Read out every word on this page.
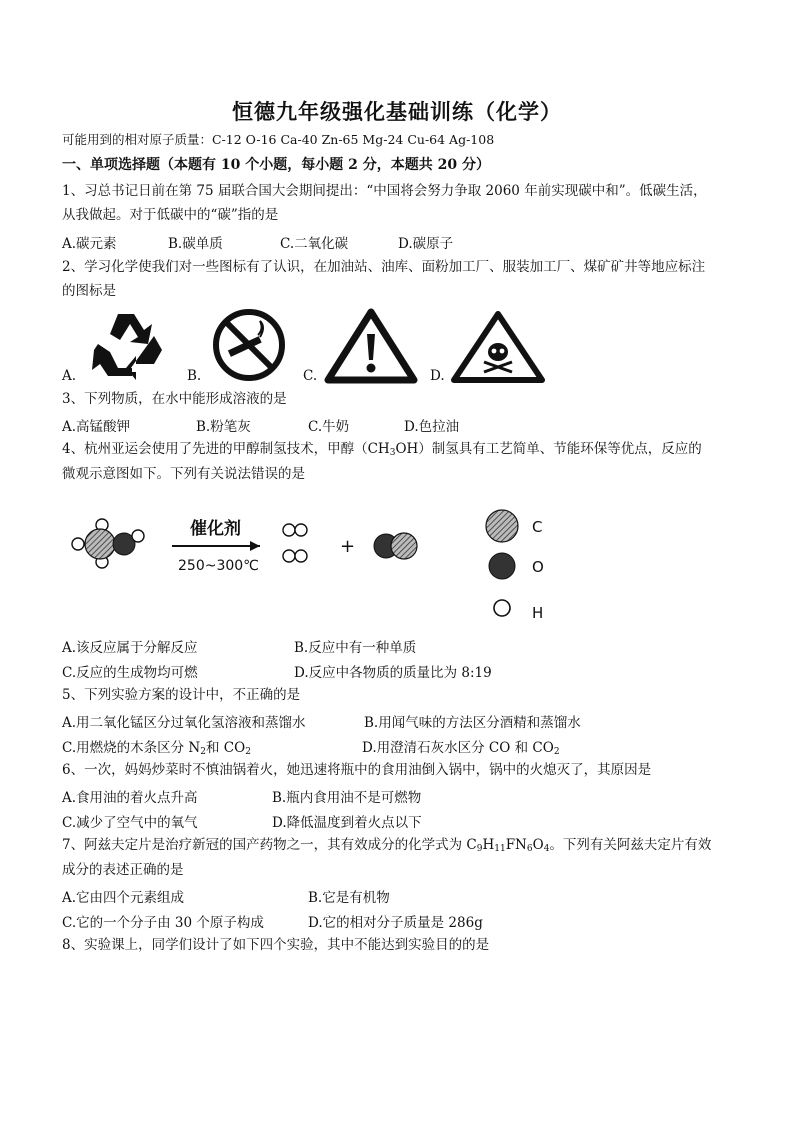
恒德九年级强化基础训练（化学）
可能用到的相对原子质量：C-12 O-16 Ca-40 Zn-65 Mg-24 Cu-64 Ag-108
一、单项选择题（本题有 10 个小题，每小题 2 分，本题共 20 分）
1、习总书记日前在第 75 届联合国大会期间提出：“中国将会努力争取 2060 年前实现碳中和”。低碳生活，
从我做起。对于低碳中的“碳”指的是
A.碳元素	B.碳单质	C.二氧化碳	D.碳原子
2、学习化学使我们对一些图标有了认识，在加油站、油库、面粉加工厂、服装加工厂、煤矿矿井等地应标注
的图标是
A.	B.	C.	D.
3、下列物质，在水中能形成溶液的是
A.高锰酸钾	B.粉笔灰	C.牛奶	D.色拉油
4、杭州亚运会使用了先进的甲醇制氢技术，甲醇$(CH_3OH)$制氢具有工艺简单、节能环保等优点，反应的
微观示意图如下。下列有关说法错误的是
催化剂
250~300℃
+
C
O
H
A.该反应属于分解反应	B.反应中有一种单质
C.反应的生成物均可燃	D.反应中各物质的质量比为 8:19
5、下列实验方案的设计中，不正确的是
A.用二氧化锰区分过氧化氢溶液和蒸馏水	B.用闻气味的方法区分酒精和蒸馏水
C.用燃烧的木条区分 $N_2$和 $CO_2$	D.用澄清石灰水区分 CO 和 $CO_2$
6、一次，妈妈炒菜时不慎油锅着火，她迅速将瓶中的食用油倒入锅中，锅中的火熄灭了，其原因是
A.食用油的着火点升高	B.瓶内食用油不是可燃物
C.减少了空气中的氧气	D.降低温度到着火点以下
7、阿兹夫定片是治疗新冠的国产药物之一，其有效成分的化学式为 $C_9H_{11}FN_6O_4$。下列有关阿兹夫定片有效
成分的表述正确的是
A.它由四个元素组成	B.它是有机物
C.它的一个分子由 30 个原子构成	D.它的相对分子质量是 286g
8、实验课上，同学们设计了如下四个实验，其中不能达到实验目的的是
